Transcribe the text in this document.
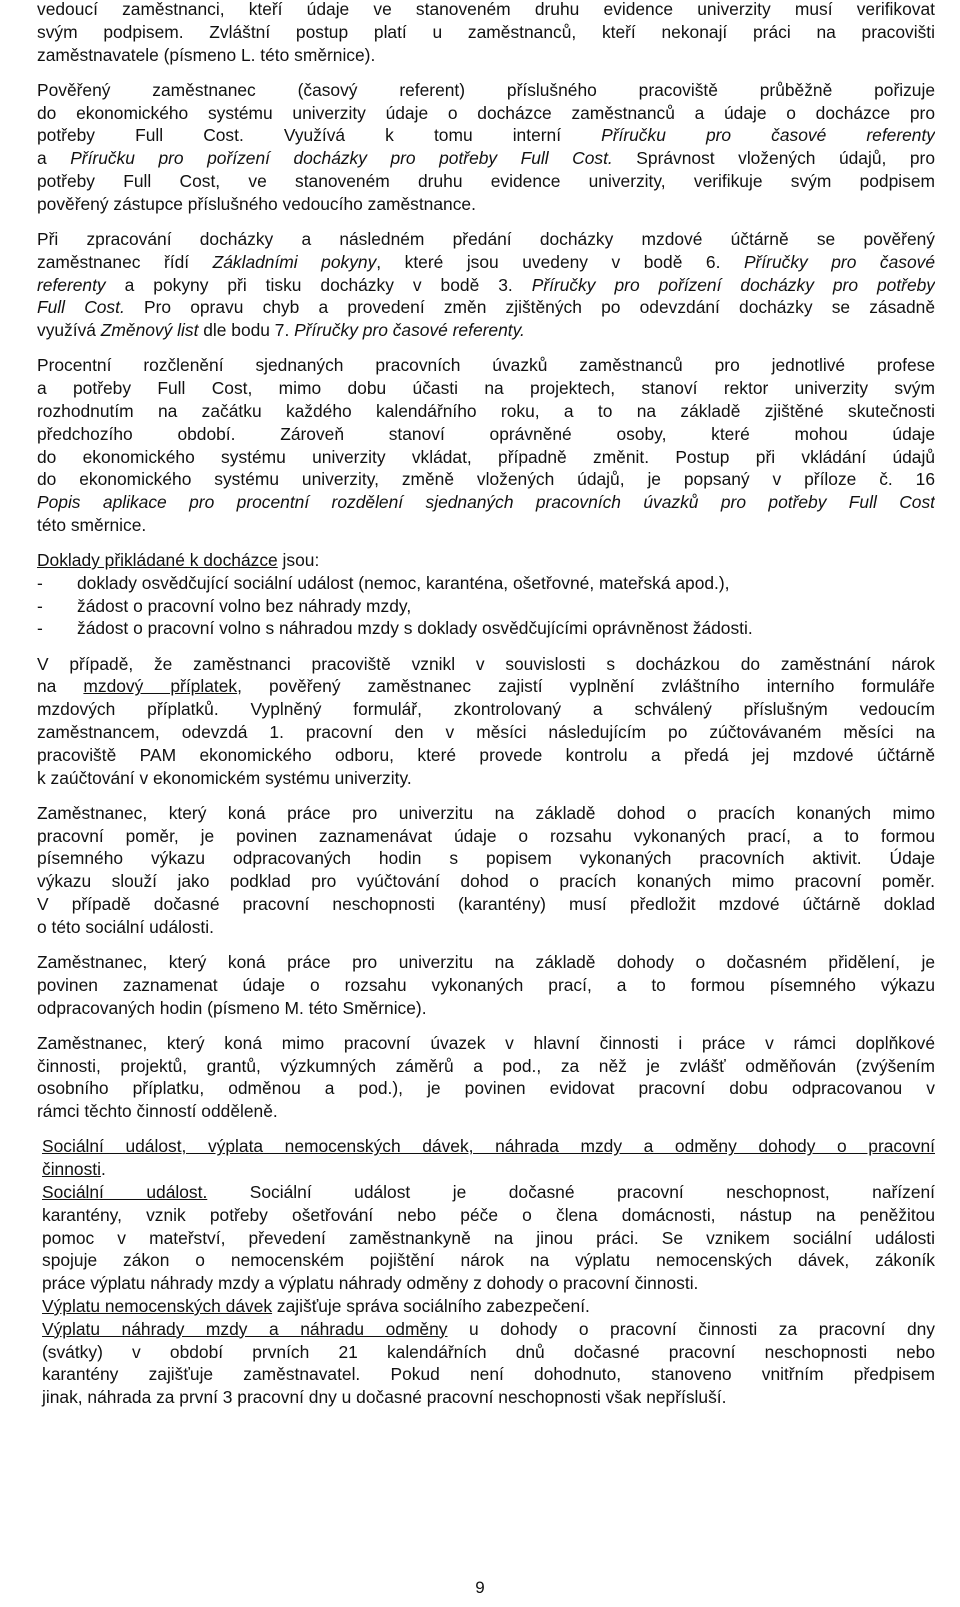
vedoucí zaměstnanci, kteří údaje ve stanoveném druhu evidence univerzity musí verifikovat
svým podpisem. Zvláštní postup platí u zaměstnanců, kteří nekonají práci na pracovišti
zaměstnavatele (písmeno L. této směrnice).
Pověřený zaměstnanec (časový referent) příslušného pracoviště průběžně pořizuje
do ekonomického systému univerzity údaje o docházce zaměstnanců a údaje o docházce pro
potřeby Full Cost. Využívá k tomu interní Příručku pro časové referenty
a Příručku pro pořízení docházky pro potřeby Full Cost. Správnost vložených údajů, pro
potřeby Full Cost, ve stanoveném druhu evidence univerzity, verifikuje svým podpisem
pověřený zástupce příslušného vedoucího zaměstnance.
Při zpracování docházky a následném předání docházky mzdové účtárně se pověřený
zaměstnanec řídí Základními pokyny, které jsou uvedeny v bodě 6. Příručky pro časové
referenty a pokyny při tisku docházky v bodě 3. Příručky pro pořízení docházky pro potřeby
Full Cost. Pro opravu chyb a provedení změn zjištěných po odevzdání docházky se zásadně
využívá Změnový list dle bodu 7. Příručky pro časové referenty.
Procentní rozčlenění sjednaných pracovních úvazků zaměstnanců pro jednotlivé profese
a potřeby Full Cost, mimo dobu účasti na projektech, stanoví rektor univerzity svým
rozhodnutím na začátku každého kalendářního roku, a to na základě zjištěné skutečnosti
předchozího období. Zároveň stanoví oprávněné osoby, které mohou údaje
do ekonomického systému univerzity vkládat, případně změnit. Postup při vkládání údajů
do ekonomického systému univerzity, změně vložených údajů, je popsaný v příloze č. 16
Popis aplikace pro procentní rozdělení sjednaných pracovních úvazků pro potřeby Full Cost
této směrnice.
Doklady přikládané k docházce jsou:
- doklady osvědčující sociální událost (nemoc, karanténa, ošetřovné, mateřská apod.),
- žádost o pracovní volno bez náhrady mzdy,
- žádost o pracovní volno s náhradou mzdy s doklady osvědčujícími oprávněnost žádosti.
V případě, že zaměstnanci pracoviště vznikl v souvislosti s docházkou do zaměstnání nárok
na mzdový příplatek, pověřený zaměstnanec zajistí vyplnění zvláštního interního formuláře
mzdových příplatků. Vyplněný formulář, zkontrolovaný a schválený příslušným vedoucím
zaměstnancem, odevzdá 1. pracovní den v měsíci následujícím po zúčtovávaném měsíci na
pracoviště PAM ekonomického odboru, které provede kontrolu a předá jej mzdové účtárně
k zaúčtování v ekonomickém systému univerzity.
Zaměstnanec, který koná práce pro univerzitu na základě dohod o pracích konaných mimo
pracovní poměr, je povinen zaznamenávat údaje o rozsahu vykonaných prací, a to formou
písemného výkazu odpracovaných hodin s popisem vykonaných pracovních aktivit. Údaje
výkazu slouží jako podklad pro vyúčtování dohod o pracích konaných mimo pracovní poměr.
V případě dočasné pracovní neschopnosti (karantény) musí předložit mzdové účtárně doklad
o této sociální události.
Zaměstnanec, který koná práce pro univerzitu na základě dohody o dočasném přidělení, je
povinen zaznamenat údaje o rozsahu vykonaných prací, a to formou písemného výkazu
odpracovaných hodin (písmeno M. této Směrnice).
Zaměstnanec, který koná mimo pracovní úvazek v hlavní činnosti i práce v rámci doplňkové
činnosti, projektů, grantů, výzkumných záměrů a pod., za něž je zvlášť odměňován (zvýšením
osobního příplatku, odměnou a pod.), je povinen evidovat pracovní dobu odpracovanou v
rámci těchto činností odděleně.
Sociální událost, výplata nemocenských dávek, náhrada mzdy a odměny dohody o pracovní
činnosti.
Sociální událost. Sociální událost je dočasné pracovní neschopnost, nařízení
karantény, vznik potřeby ošetřování nebo péče o člena domácnosti, nástup na peněžitou
pomoc v mateřství, převedení zaměstnankyně na jinou práci. Se vznikem sociální události
spojuje zákon o nemocenském pojištění nárok na výplatu nemocenských dávek, zákoník
práce výplatu náhrady mzdy a výplatu náhrady odměny z dohody o pracovní činnosti.
Výplatu nemocenských dávek zajišťuje správa sociálního zabezpečení.
Výplatu náhrady mzdy a náhradu odměny u dohody o pracovní činnosti za pracovní dny
(svátky) v období prvních 21 kalendářních dnů dočasné pracovní neschopnosti nebo
karantény zajišťuje zaměstnavatel. Pokud není dohodnuto, stanoveno vnitřním předpisem
jinak, náhrada za první 3 pracovní dny u dočasné pracovní neschopnosti však nepřísluší.
9
